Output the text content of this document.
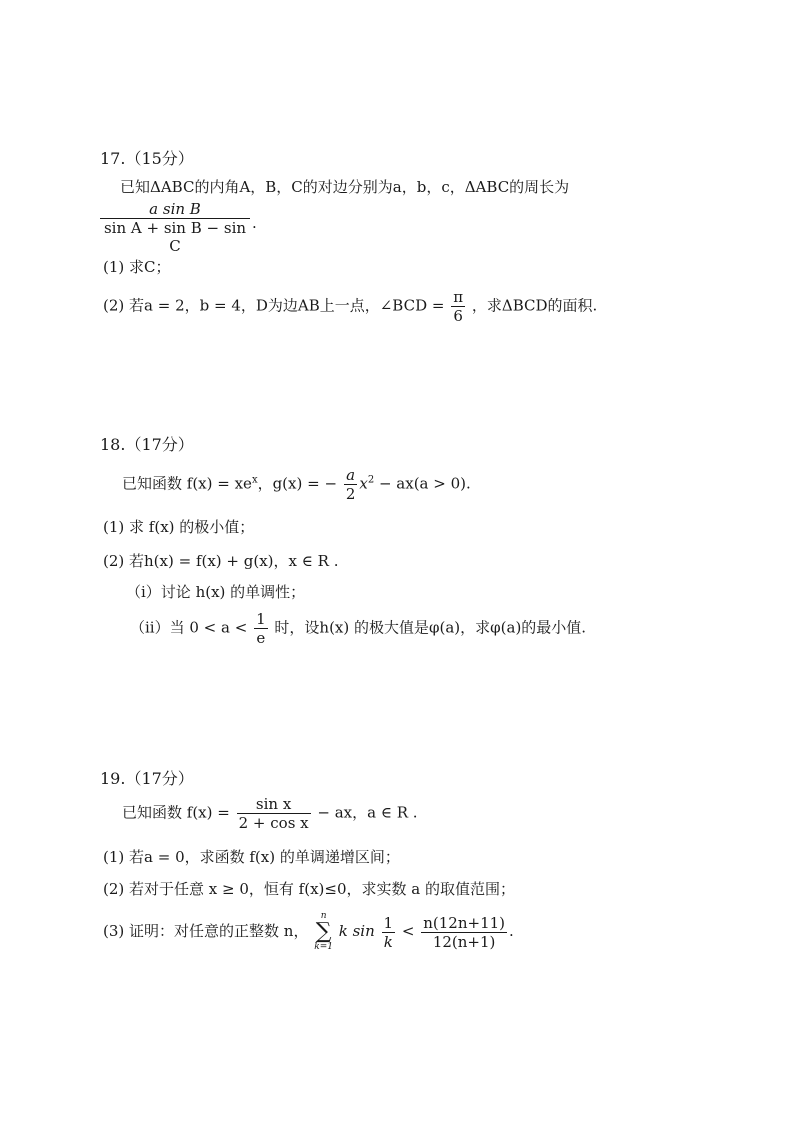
17.（15分）
已知ΔABC的内角A，B，C的对边分别为a，b，c，ΔABC的周长为
$\frac{\text{a sin B}}{\text{sin A + sin B − sin C}}$ .
(1) 求C；
(2) 若a = 2，b = 4，D为边AB上一点，∠BCD = $\frac{\pi}{6}$ ，求ΔBCD的面积.
18.（17分）
已知函数 $f(x) = xe^x$，g(x) = − $\frac{a}{2} x^2 - ax(a > 0)$.
(1) 求 f(x) 的极小值；
(2) 若h(x) = f(x) + g(x)，x ∈ R .
（i）讨论 h(x) 的单调性；
（ii）当 $0 < a < \frac{1}{e}$ 时，设h(x) 的极大值是φ(a)，求φ(a)的最小值.
19.（17分）
已知函数 $f(x) = \frac{\text{sin x}}{\text{2 + cos x}}$ − ax，a ∈ R .
(1) 若a = 0，求函数 f(x) 的单调递增区间；
(2) 若对于任意 x ≥ 0，恒有 f(x)≤0，求实数 a 的取值范围；
(3) 证明：对任意的正整数 n，
n
∑
k=1
k $\sin \frac{1}{k} < \frac{n(12n+11)}{12(n+1)}$ .
